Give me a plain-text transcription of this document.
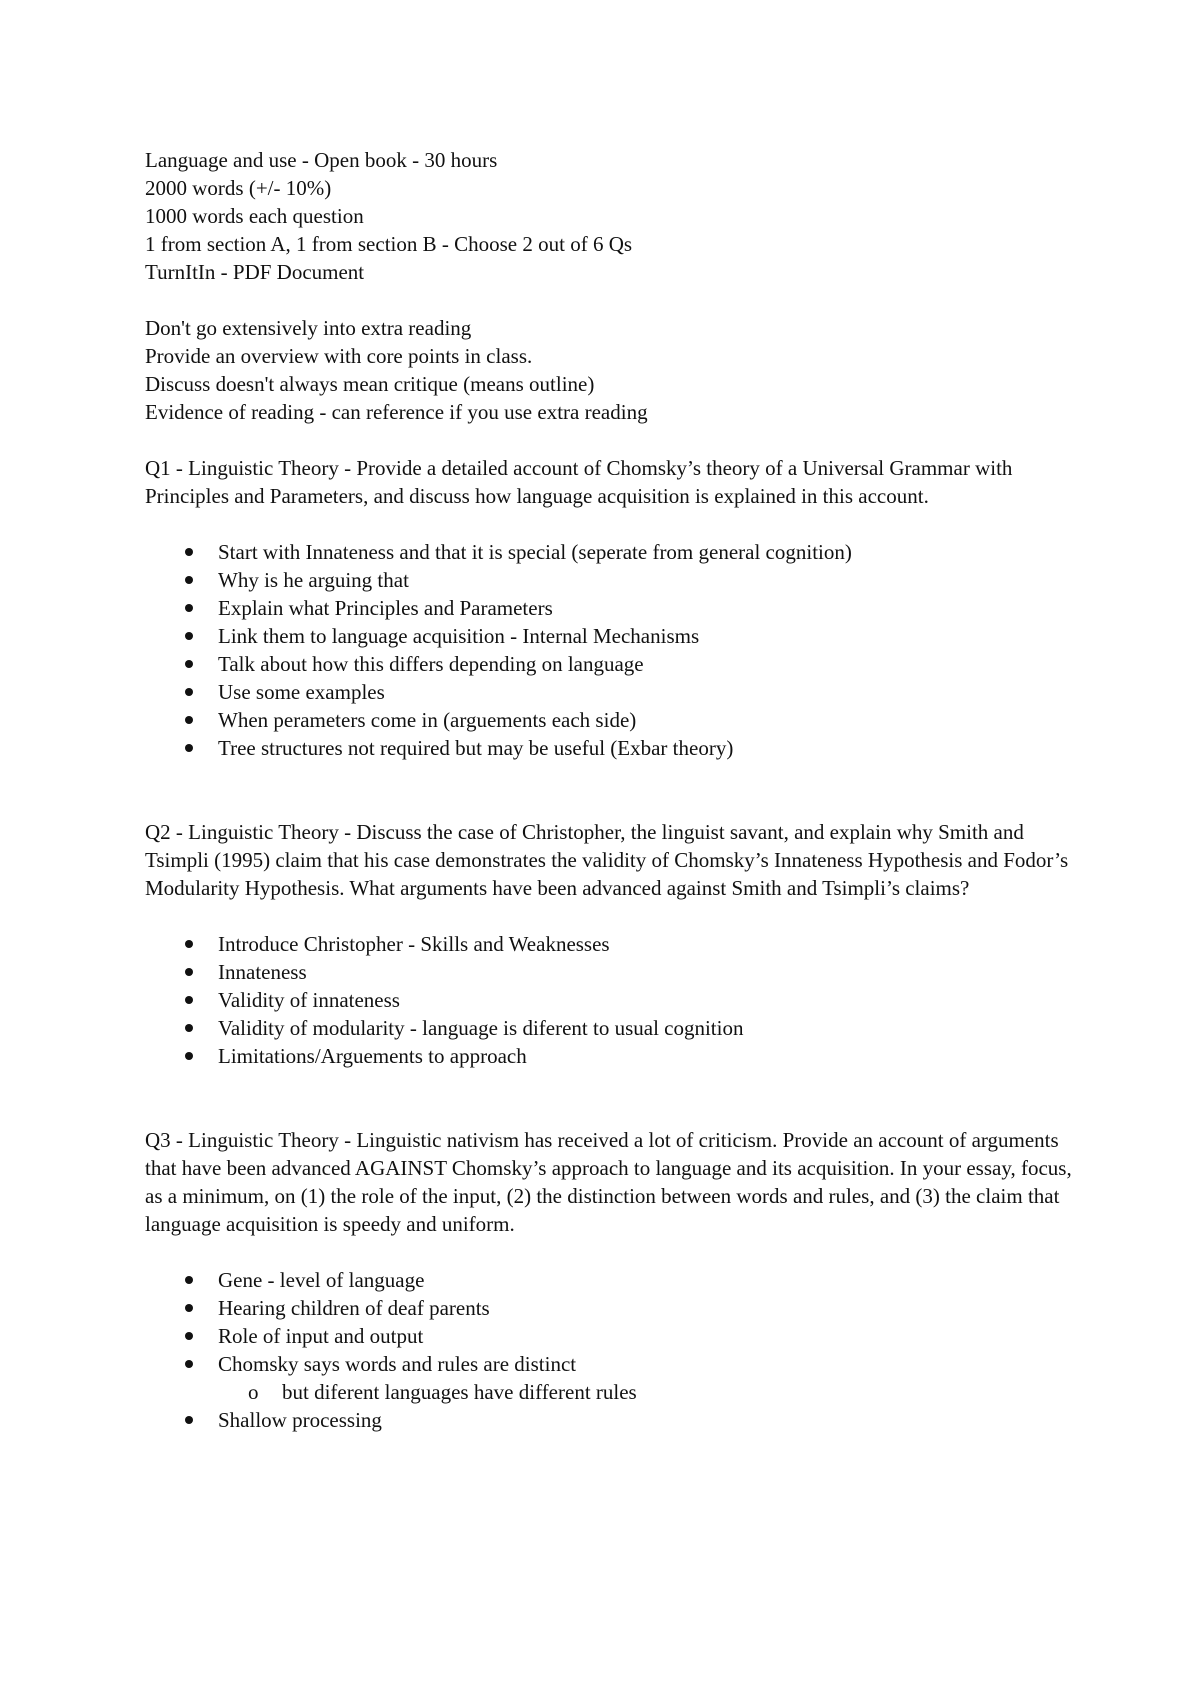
Language and use - Open book - 30 hours

2000 words (+/- 10%)

1000 words each question

1 from section A, 1 from section B - Choose 2 out of 6 Qs

TurnItIn - PDF Document

Don't go extensively into extra reading

Provide an overview with core points in class.

Discuss doesn't always mean critique (means outline)

Evidence of reading - can reference if you use extra reading

Q1 - Linguistic Theory - Provide a detailed account of Chomsky’s theory of a Universal Grammar with Principles and Parameters, and discuss how language acquisition is explained in this account.

Start with Innateness and that it is special (seperate from general cognition)
Why is he arguing that
Explain what Principles and Parameters
Link them to language acquisition - Internal Mechanisms
Talk about how this differs depending on language
Use some examples
When perameters come in (arguements each side)
Tree structures not required but may be useful (Exbar theory)

Q2 - Linguistic Theory - Discuss the case of Christopher, the linguist savant, and explain why Smith and Tsimpli (1995) claim that his case demonstrates the validity of Chomsky’s Innateness Hypothesis and Fodor’s Modularity Hypothesis. What arguments have been advanced against Smith and Tsimpli’s claims?

Introduce Christopher - Skills and Weaknesses
Innateness
Validity of innateness
Validity of modularity - language is diferent to usual cognition
Limitations/Arguements to approach

Q3 - Linguistic Theory - Linguistic nativism has received a lot of criticism. Provide an account of arguments that have been advanced AGAINST Chomsky’s approach to language and its acquisition. In your essay, focus, as a minimum, on (1) the role of the input, (2) the distinction between words and rules, and (3) the claim that language acquisition is speedy and uniform.

Gene - level of language
Hearing children of deaf parents
Role of input and output
Chomsky says words and rules are distinct
o but diferent languages have different rules
Shallow processing
